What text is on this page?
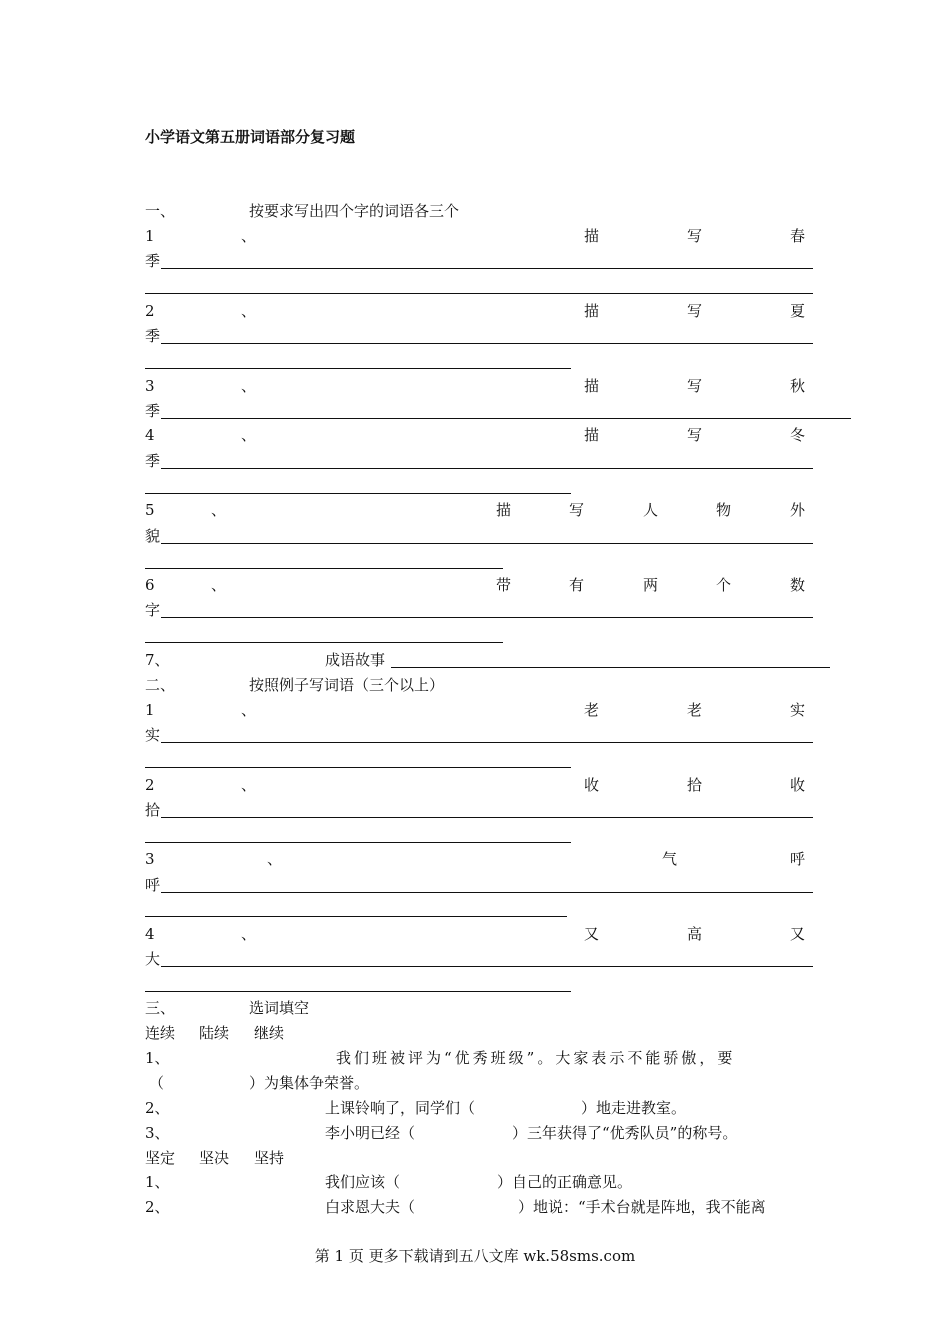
小学语文第五册词语部分复习题
一、	按要求写出四个字的词语各三个
1	、	描	写	春
季
2	、	描	写	夏
季
3	、	描	写	秋
季
4	、	描	写	冬
季
5	、	描	写	人	物	外
貌
6	、	带	有	两	个	数
字
7、	成语故事
二、	按照例子写词语（三个以上）
1	、	老	老	实
实
2	、	收	拾	收
拾
3	、	气	呼
呼
4	、	又	高	又
大
三、	选词填空
连续 陆续 继续
1、	我们班被评为“优秀班级”。大家表示不能骄傲，要
（	）为集体争荣誉。
2、	上课铃响了，同学们（	）地走进教室。
3、	李小明已经（	）三年获得了“优秀队员”的称号。
坚定 坚决 坚持
1、	我们应该（	）自己的正确意见。
2、	白求恩大夫（	）地说：“手术台就是阵地，我不能离
第 1 页 更多下载请到五八文库 wk.58sms.com
